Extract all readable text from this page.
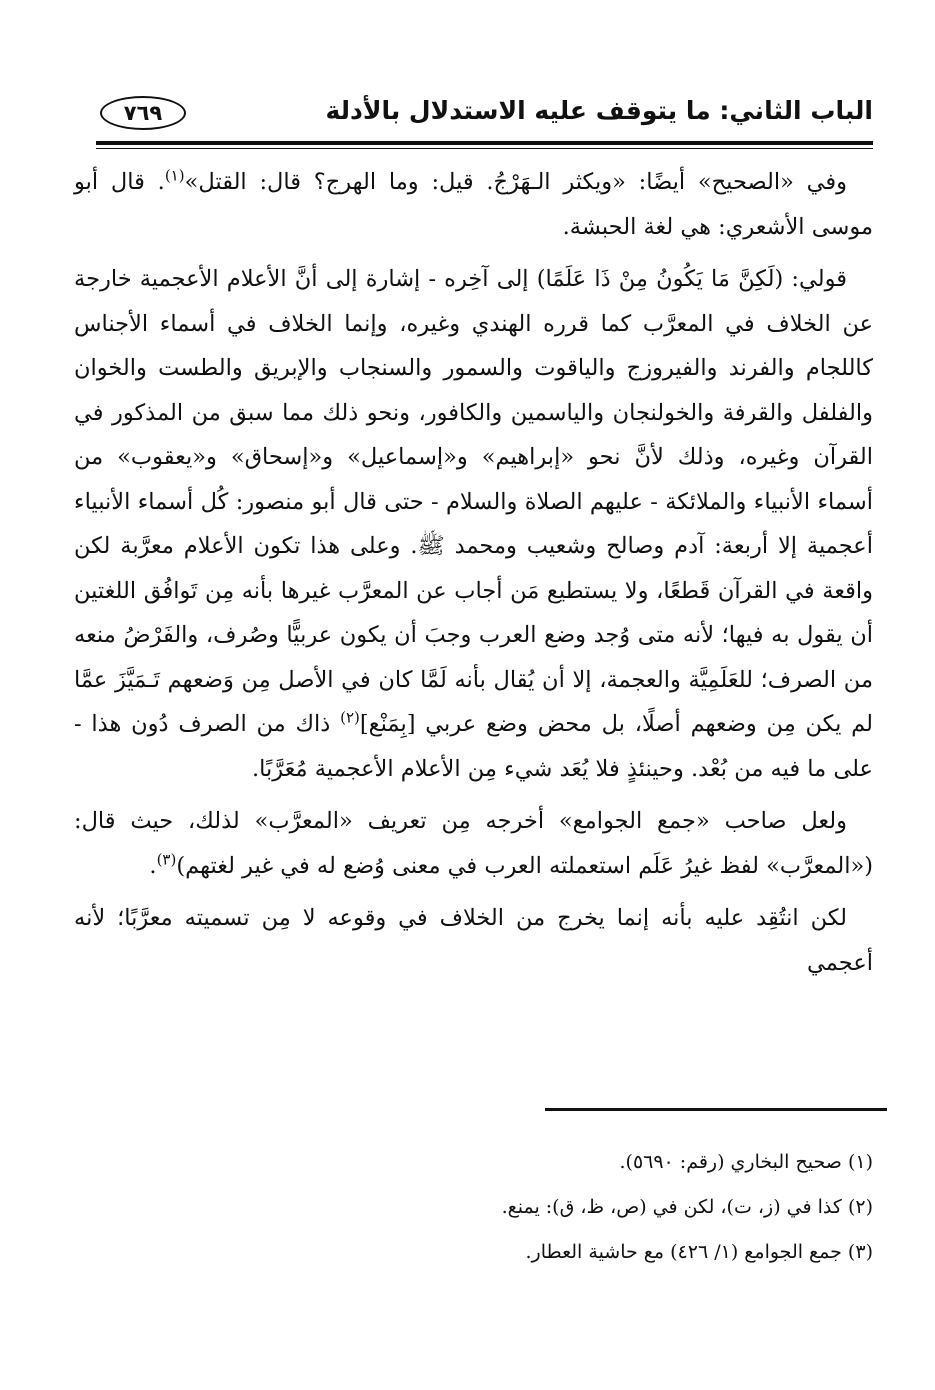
الباب الثاني: ما يتوقف عليه الاستدلال بالأدلة
٧٦٩

وفي «الصحيح» أيضًا: «ويكثر الـهَرْجُ. قيل: وما الهرج؟ قال: القتل»$^{(١)}$. قال أبو موسى الأشعري: هي لغة الحبشة.

قولي: (لَكِنَّ مَا يَكُونُ مِنْ ذَا عَلَمًا) إلى آخِره - إشارة إلى أنَّ الأعلام الأعجمية خارجة عن الخلاف في المعرَّب كما قرره الهندي وغيره، وإنما الخلاف في أسماء الأجناس كاللجام والفرند والفيروزج والياقوت والسمور والسنجاب والإبريق والطست والخوان والفلفل والقرفة والخولنجان والياسمين والكافور، ونحو ذلك مما سبق من المذكور في القرآن وغيره، وذلك لأنَّ نحو «إبراهيم» و«إسماعيل» و«إسحاق» و«يعقوب» من أسماء الأنبياء والملائكة - عليهم الصلاة والسلام - حتى قال أبو منصور: كُل أسماء الأنبياء أعجمية إلا أربعة: آدم وصالح وشعيب ومحمد ﷺ. وعلى هذا تكون الأعلام معرَّبة لكن واقعة في القرآن قَطعًا، ولا يستطيع مَن أجاب عن المعرَّب غيرها بأنه مِن تَوافُق اللغتين أن يقول به فيها؛ لأنه متى وُجد وضع العرب وجبَ أن يكون عربيًّا وصُرف، والفَرْضُ منعه من الصرف؛ للعَلَمِيَّة والعجمة، إلا أن يُقال بأنه لَمَّا كان في الأصل مِن وَضعهم تَـمَيَّزَ عمَّا لم يكن مِن وضعهم أصلًا، بل محض وضع عربي [بِمَنْع]$^{(٢)}$ ذاك من الصرف دُون هذا - على ما فيه من بُعْد. وحينئذٍ فلا يُعَد شيء مِن الأعلام الأعجمية مُعَرَّبًا.

ولعل صاحب «جمع الجوامع» أخرجه مِن تعريف «المعرَّب» لذلك، حيث قال: («المعرَّب» لفظ غيرُ عَلَم استعملته العرب في معنى وُضع له في غير لغتهم)$^{(٣)}$.

لكن انتُقِد عليه بأنه إنما يخرج من الخلاف في وقوعه لا مِن تسميته معرَّبًا؛ لأنه أعجمي

(١) صحيح البخاري (رقم: ٥٦٩٠).

(٢) كذا في (ز، ت)، لكن في (ص، ظ، ق): يمنع.

(٣) جمع الجوامع (١/ ٤٢٦) مع حاشية العطار.
